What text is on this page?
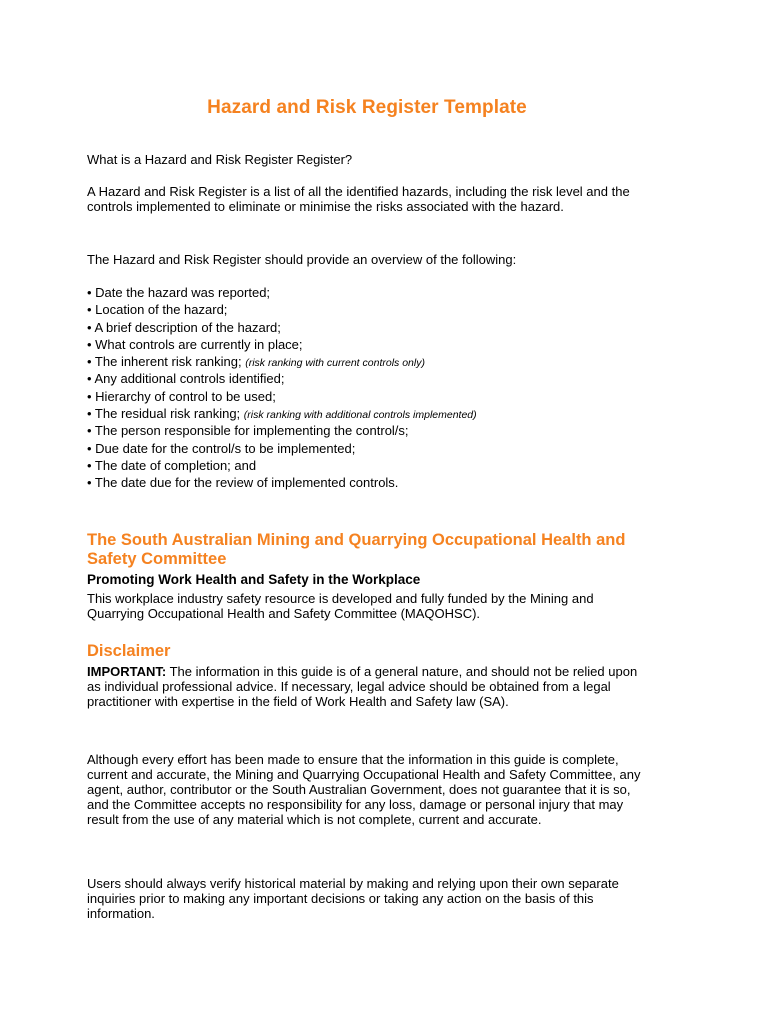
Hazard and Risk Register Template

What is a Hazard and Risk Register Register?

A Hazard and Risk Register is a list of all the identified hazards, including the risk level and the controls implemented to eliminate or minimise the risks associated with the hazard.

The Hazard and Risk Register should provide an overview of the following:

• Date the hazard was reported;
• Location of the hazard;
• A brief description of the hazard;
• What controls are currently in place;
• The inherent risk ranking; (risk ranking with current controls only)
• Any additional controls identified;
• Hierarchy of control to be used;
• The residual risk ranking; (risk ranking with additional controls implemented)
• The person responsible for implementing the control/s;
• Due date for the control/s to be implemented;
• The date of completion; and
• The date due for the review of implemented controls.
The South Australian Mining and Quarrying Occupational Health and Safety Committee
Promoting Work Health and Safety in the Workplace

This workplace industry safety resource is developed and fully funded by the Mining and Quarrying Occupational Health and Safety Committee (MAQOHSC).

Disclaimer

IMPORTANT: The information in this guide is of a general nature, and should not be relied upon as individual professional advice. If necessary, legal advice should be obtained from a legal practitioner with expertise in the field of Work Health and Safety law (SA).

Although every effort has been made to ensure that the information in this guide is complete, current and accurate, the Mining and Quarrying Occupational Health and Safety Committee, any agent, author, contributor or the South Australian Government, does not guarantee that it is so, and the Committee accepts no responsibility for any loss, damage or personal injury that may result from the use of any material which is not complete, current and accurate.

Users should always verify historical material by making and relying upon their own separate inquiries prior to making any important decisions or taking any action on the basis of this information.
